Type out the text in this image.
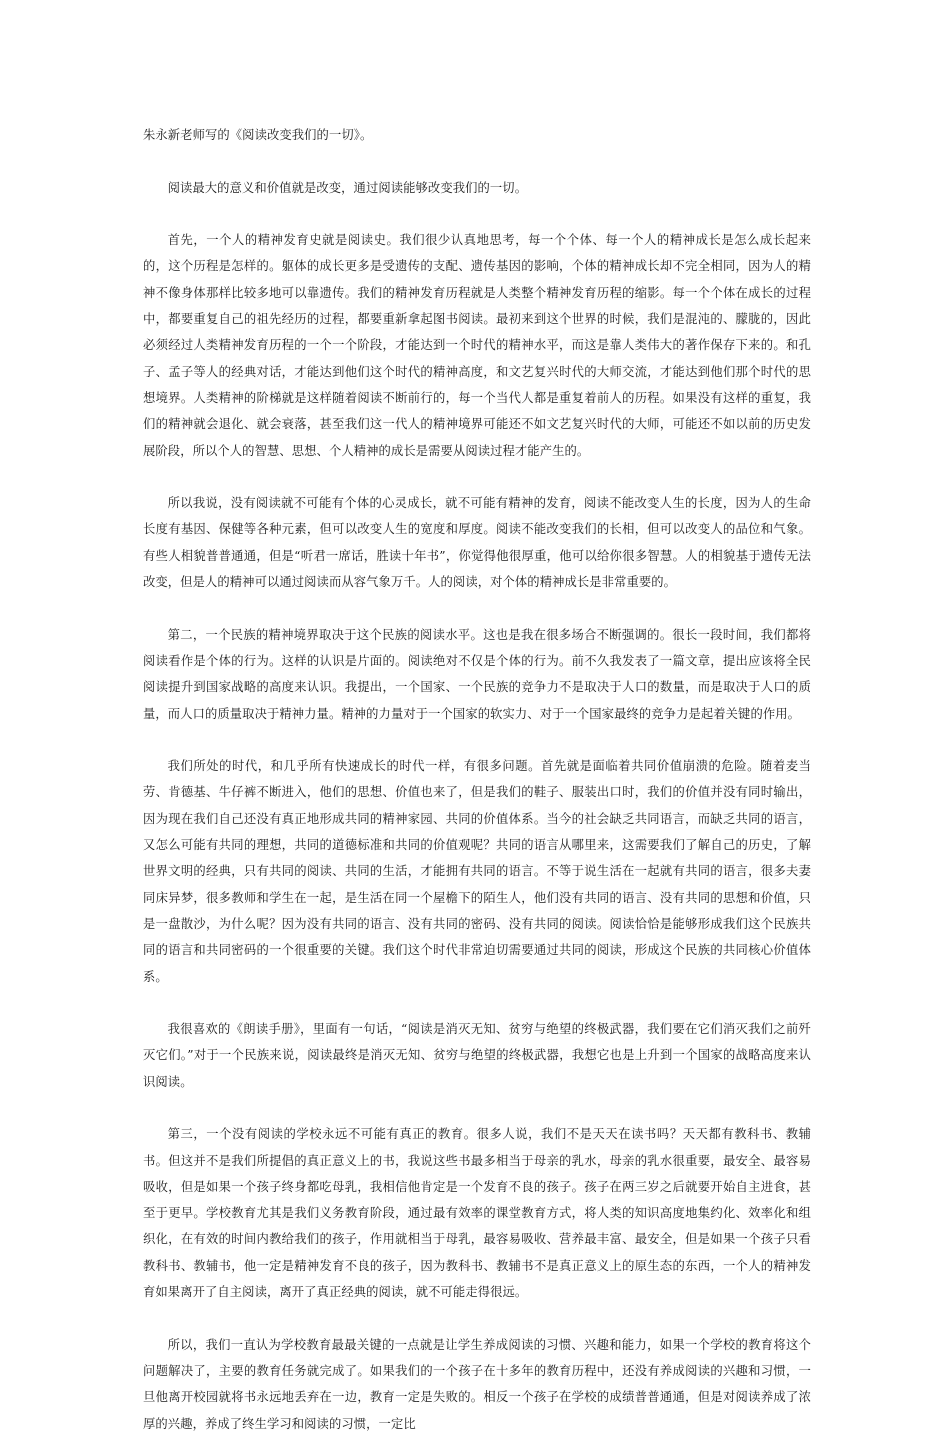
朱永新老师写的《阅读改变我们的一切》。

阅读最大的意义和价值就是改变，通过阅读能够改变我们的一切。

首先，一个人的精神发育史就是阅读史。我们很少认真地思考，每一个个体、每一个人的精神成长是怎么成长起来的，这个历程是怎样的。躯体的成长更多是受遗传的支配、遗传基因的影响，个体的精神成长却不完全相同，因为人的精神不像身体那样比较多地可以靠遗传。我们的精神发育历程就是人类整个精神发育历程的缩影。每一个个体在成长的过程中，都要重复自己的祖先经历的过程，都要重新拿起图书阅读。最初来到这个世界的时候，我们是混沌的、朦胧的，因此必须经过人类精神发育历程的一个一个阶段，才能达到一个时代的精神水平，而这是靠人类伟大的著作保存下来的。和孔子、孟子等人的经典对话，才能达到他们这个时代的精神高度，和文艺复兴时代的大师交流，才能达到他们那个时代的思想境界。人类精神的阶梯就是这样随着阅读不断前行的，每一个当代人都是重复着前人的历程。如果没有这样的重复，我们的精神就会退化、就会衰落，甚至我们这一代人的精神境界可能还不如文艺复兴时代的大师，可能还不如以前的历史发展阶段，所以个人的智慧、思想、个人精神的成长是需要从阅读过程才能产生的。

所以我说，没有阅读就不可能有个体的心灵成长，就不可能有精神的发育，阅读不能改变人生的长度，因为人的生命长度有基因、保健等各种元素，但可以改变人生的宽度和厚度。阅读不能改变我们的长相，但可以改变人的品位和气象。有些人相貌普普通通，但是“听君一席话，胜读十年书”，你觉得他很厚重，他可以给你很多智慧。人的相貌基于遗传无法改变，但是人的精神可以通过阅读而从容气象万千。人的阅读，对个体的精神成长是非常重要的。

第二，一个民族的精神境界取决于这个民族的阅读水平。这也是我在很多场合不断强调的。很长一段时间，我们都将阅读看作是个体的行为。这样的认识是片面的。阅读绝对不仅是个体的行为。前不久我发表了一篇文章，提出应该将全民阅读提升到国家战略的高度来认识。我提出，一个国家、一个民族的竞争力不是取决于人口的数量，而是取决于人口的质量，而人口的质量取决于精神力量。精神的力量对于一个国家的软实力、对于一个国家最终的竞争力是起着关键的作用。

我们所处的时代，和几乎所有快速成长的时代一样，有很多问题。首先就是面临着共同价值崩溃的危险。随着麦当劳、肯德基、牛仔裤不断进入，他们的思想、价值也来了，但是我们的鞋子、服装出口时，我们的价值并没有同时输出，因为现在我们自己还没有真正地形成共同的精神家园、共同的价值体系。当今的社会缺乏共同语言，而缺乏共同的语言，又怎么可能有共同的理想，共同的道德标准和共同的价值观呢？共同的语言从哪里来，这需要我们了解自己的历史，了解世界文明的经典，只有共同的阅读、共同的生活，才能拥有共同的语言。不等于说生活在一起就有共同的语言，很多夫妻同床异梦，很多教师和学生在一起，是生活在同一个屋檐下的陌生人，他们没有共同的语言、没有共同的思想和价值，只是一盘散沙，为什么呢？因为没有共同的语言、没有共同的密码、没有共同的阅读。阅读恰恰是能够形成我们这个民族共同的语言和共同密码的一个很重要的关键。我们这个时代非常迫切需要通过共同的阅读，形成这个民族的共同核心价值体系。

我很喜欢的《朗读手册》，里面有一句话，“阅读是消灭无知、贫穷与绝望的终极武器，我们要在它们消灭我们之前歼灭它们。”对于一个民族来说，阅读最终是消灭无知、贫穷与绝望的终极武器，我想它也是上升到一个国家的战略高度来认识阅读。

第三，一个没有阅读的学校永远不可能有真正的教育。很多人说，我们不是天天在读书吗？天天都有教科书、教辅书。但这并不是我们所提倡的真正意义上的书，我说这些书最多相当于母亲的乳水，母亲的乳水很重要，最安全、最容易吸收，但是如果一个孩子终身都吃母乳，我相信他肯定是一个发育不良的孩子。孩子在两三岁之后就要开始自主进食，甚至于更早。学校教育尤其是我们义务教育阶段，通过最有效率的课堂教育方式，将人类的知识高度地集约化、效率化和组织化，在有效的时间内教给我们的孩子，作用就相当于母乳，最容易吸收、营养最丰富、最安全，但是如果一个孩子只看教科书、教辅书，他一定是精神发育不良的孩子，因为教科书、教辅书不是真正意义上的原生态的东西，一个人的精神发育如果离开了自主阅读，离开了真正经典的阅读，就不可能走得很远。

所以，我们一直认为学校教育最最关键的一点就是让学生养成阅读的习惯、兴趣和能力，如果一个学校的教育将这个问题解决了，主要的教育任务就完成了。如果我们的一个孩子在十多年的教育历程中，还没有养成阅读的兴趣和习惯，一旦他离开校园就将书永远地丢弃在一边，教育一定是失败的。相反一个孩子在学校的成绩普普通通，但是对阅读养成了浓厚的兴趣，养成了终生学习和阅读的习惯，一定比
